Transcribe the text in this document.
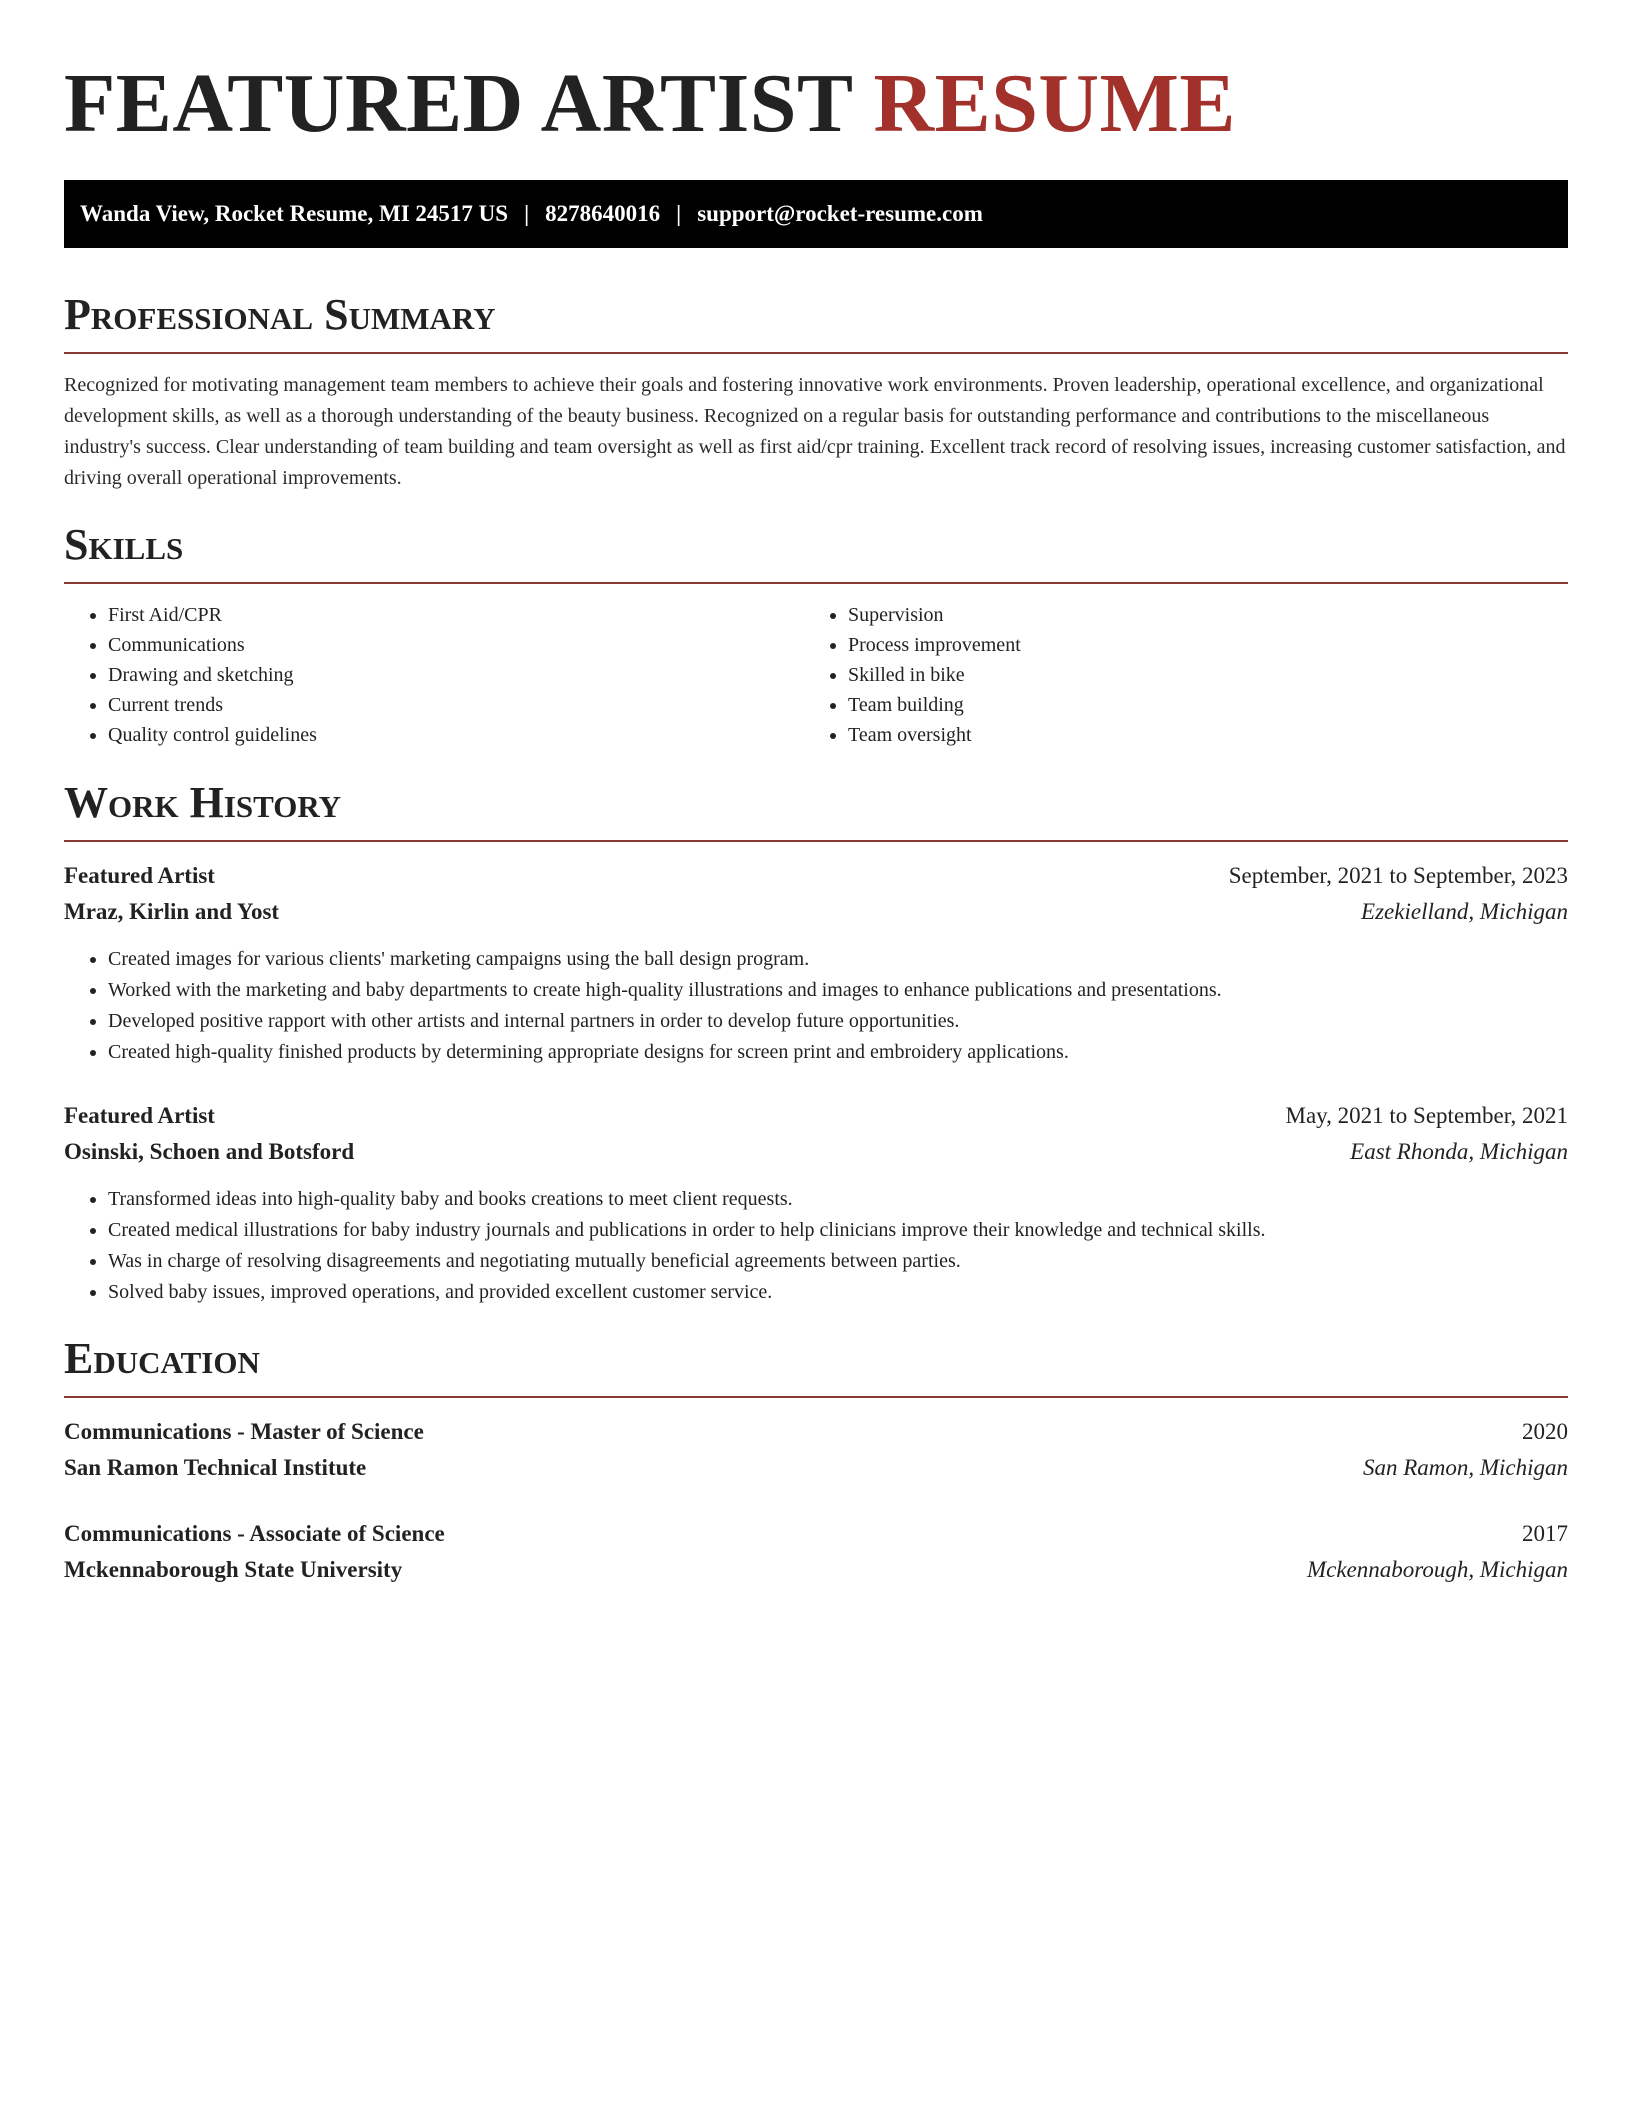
FEATURED ARTIST RESUME
Wanda View, Rocket Resume, MI 24517 US | 8278640016 | support@rocket-resume.com
Professional Summary

Recognized for motivating management team members to achieve their goals and fostering innovative work environments. Proven leadership, operational excellence, and organizational development skills, as well as a thorough understanding of the beauty business. Recognized on a regular basis for outstanding performance and contributions to the miscellaneous industry's success. Clear understanding of team building and team oversight as well as first aid/cpr training. Excellent track record of resolving issues, increasing customer satisfaction, and driving overall operational improvements.

Skills
• First Aid/CPR
• Communications
• Drawing and sketching
• Current trends
• Quality control guidelines
• Supervision
• Process improvement
• Skilled in bike
• Team building
• Team oversight
Work History
Featured Artist	September, 2021 to September, 2023
Mraz, Kirlin and Yost	Ezekielland, Michigan
• Created images for various clients' marketing campaigns using the ball design program.
• Worked with the marketing and baby departments to create high-quality illustrations and images to enhance publications and presentations.
• Developed positive rapport with other artists and internal partners in order to develop future opportunities.
• Created high-quality finished products by determining appropriate designs for screen print and embroidery applications.
Featured Artist	May, 2021 to September, 2021
Osinski, Schoen and Botsford	East Rhonda, Michigan
• Transformed ideas into high-quality baby and books creations to meet client requests.
• Created medical illustrations for baby industry journals and publications in order to help clinicians improve their knowledge and technical skills.
• Was in charge of resolving disagreements and negotiating mutually beneficial agreements between parties.
• Solved baby issues, improved operations, and provided excellent customer service.
Education
Communications - Master of Science	2020
San Ramon Technical Institute	San Ramon, Michigan
Communications - Associate of Science	2017
Mckennaborough State University	Mckennaborough, Michigan
